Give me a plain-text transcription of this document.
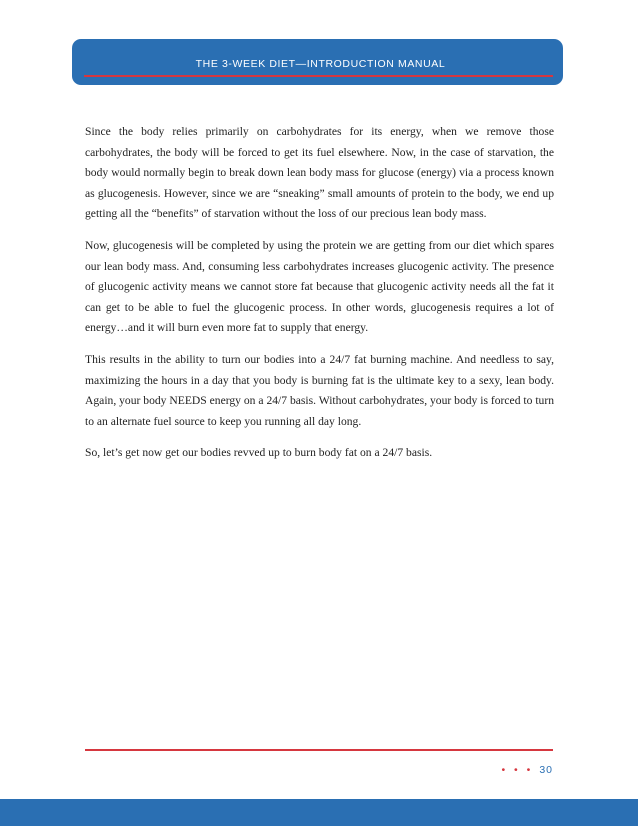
THE 3-WEEK DIET—INTRODUCTION MANUAL

Since the body relies primarily on carbohydrates for its energy, when we remove those carbohydrates, the body will be forced to get its fuel elsewhere. Now, in the case of starvation, the body would normally begin to break down lean body mass for glucose (energy) via a process known as glucogenesis. However, since we are “sneaking” small amounts of protein to the body, we end up getting all the “benefits” of starvation without the loss of our precious lean body mass.

Now, glucogenesis will be completed by using the protein we are getting from our diet which spares our lean body mass. And, consuming less carbohydrates increases glucogenic activity. The presence of glucogenic activity means we cannot store fat because that glucogenic activity needs all the fat it can get to be able to fuel the glucogenic process. In other words, glucogenesis requires a lot of energy…and it will burn even more fat to supply that energy.

This results in the ability to turn our bodies into a 24/7 fat burning machine. And needless to say, maximizing the hours in a day that you body is burning fat is the ultimate key to a sexy, lean body. Again, your body NEEDS energy on a 24/7 basis. Without carbohydrates, your body is forced to turn to an alternate fuel source to keep you running all day long.

So, let’s get now get our bodies revved up to burn body fat on a 24/7 basis.

• • • 30
